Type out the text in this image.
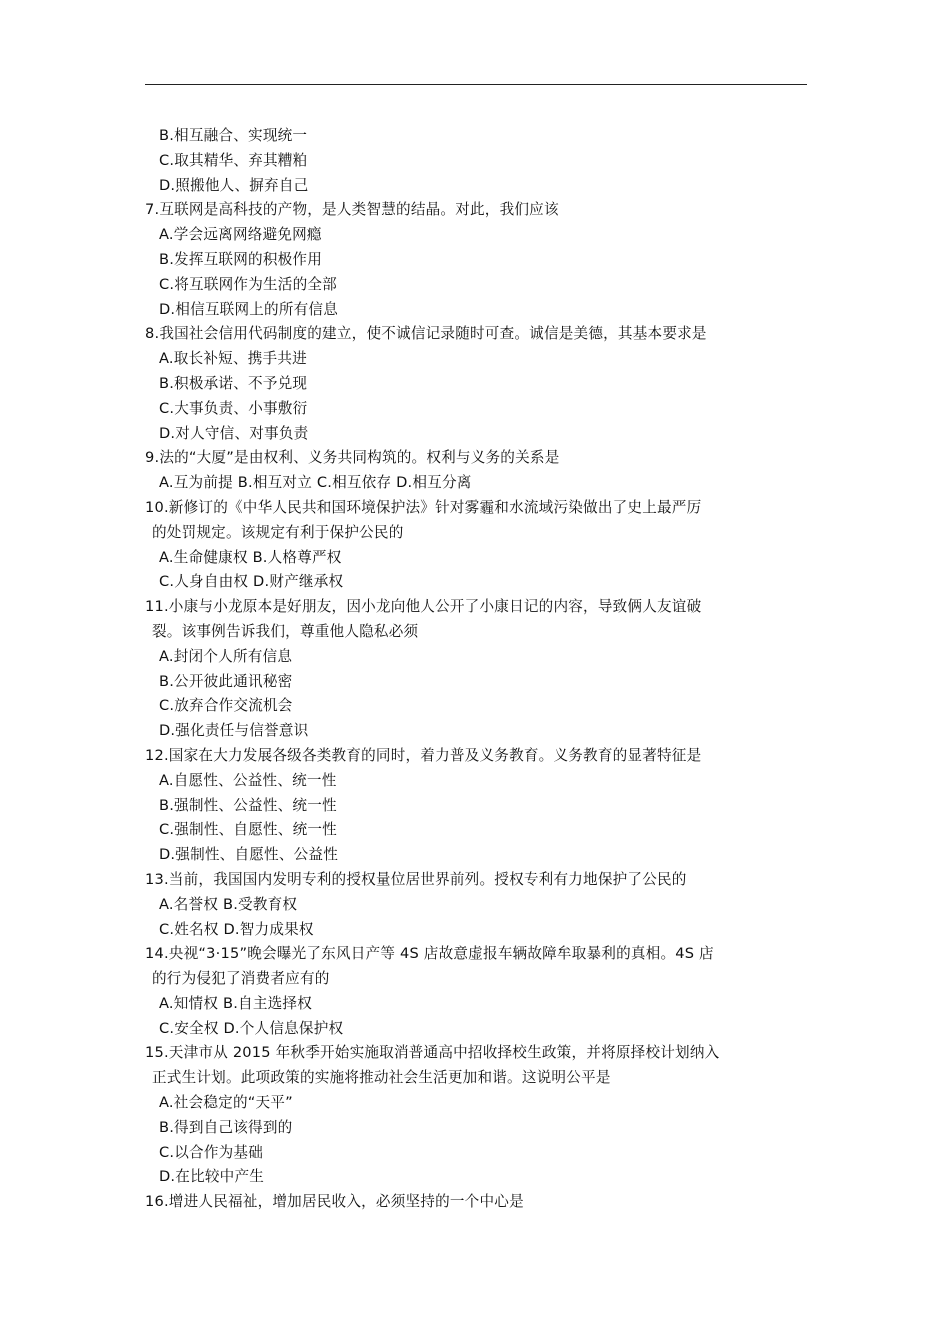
B.相互融合、实现统一
C.取其精华、弃其糟粕
D.照搬他人、摒弃自己
7.互联网是高科技的产物，是人类智慧的结晶。对此，我们应该
A.学会远离网络避免网瘾
B.发挥互联网的积极作用
C.将互联网作为生活的全部
D.相信互联网上的所有信息
8.我国社会信用代码制度的建立，使不诚信记录随时可查。诚信是美德，其基本要求是
A.取长补短、携手共进
B.积极承诺、不予兑现
C.大事负责、小事敷衍
D.对人守信、对事负责
9.法的“大厦”是由权利、义务共同构筑的。权利与义务的关系是
A.互为前提 B.相互对立 C.相互依存 D.相互分离
10.新修订的《中华人民共和国环境保护法》针对雾霾和水流域污染做出了史上最严厉
的处罚规定。该规定有利于保护公民的
A.生命健康权 B.人格尊严权
C.人身自由权 D.财产继承权
11.小康与小龙原本是好朋友，因小龙向他人公开了小康日记的内容，导致俩人友谊破
裂。该事例告诉我们，尊重他人隐私必须
A.封闭个人所有信息
B.公开彼此通讯秘密
C.放弃合作交流机会
D.强化责任与信誉意识
12.国家在大力发展各级各类教育的同时，着力普及义务教育。义务教育的显著特征是
A.自愿性、公益性、统一性
B.强制性、公益性、统一性
C.强制性、自愿性、统一性
D.强制性、自愿性、公益性
13.当前，我国国内发明专利的授权量位居世界前列。授权专利有力地保护了公民的
A.名誉权 B.受教育权
C.姓名权 D.智力成果权
14.央视“3·15”晚会曝光了东风日产等 4S 店故意虚报车辆故障牟取暴利的真相。4S 店
的行为侵犯了消费者应有的
A.知情权 B.自主选择权
C.安全权 D.个人信息保护权
15.天津市从 2015 年秋季开始实施取消普通高中招收择校生政策，并将原择校计划纳入
正式生计划。此项政策的实施将推动社会生活更加和谐。这说明公平是
A.社会稳定的“天平”
B.得到自己该得到的
C.以合作为基础
D.在比较中产生
16.增进人民福祉，增加居民收入，必须坚持的一个中心是
